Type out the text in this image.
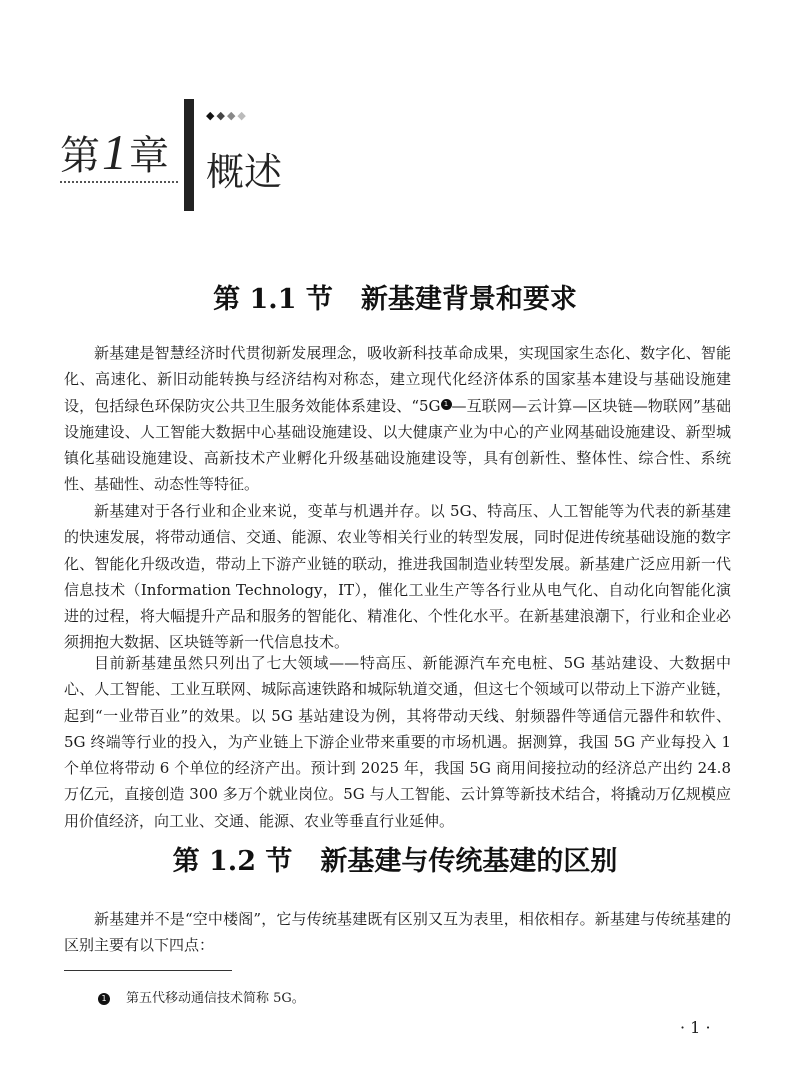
第1章
◆◆◆◆
概述
第 1.1 节 新基建背景和要求

新基建是智慧经济时代贯彻新发展理念，吸收新科技革命成果，实现国家生态化、数字化、智能化、高速化、新旧动能转换与经济结构对称态，建立现代化经济体系的国家基本建设与基础设施建设，包括绿色环保防灾公共卫生服务效能体系建设、“5G 1 —互联网—云计算—区块链—物联网”基础设施建设、人工智能大数据中心基础设施建设、以大健康产业为中心的产业网基础设施建设、新型城镇化基础设施建设、高新技术产业孵化升级基础设施建设等，具有创新性、整体性、综合性、系统性、基础性、动态性等特征。

新基建对于各行业和企业来说，变革与机遇并存。以 5G、特高压、人工智能等为代表的新基建的快速发展，将带动通信、交通、能源、农业等相关行业的转型发展，同时促进传统基础设施的数字化、智能化升级改造，带动上下游产业链的联动，推进我国制造业转型发展。新基建广泛应用新一代信息技术（Information Technology，IT），催化工业生产等各行业从电气化、自动化向智能化演进的过程，将大幅提升产品和服务的智能化、精准化、个性化水平。在新基建浪潮下，行业和企业必须拥抱大数据、区块链等新一代信息技术。

目前新基建虽然只列出了七大领域——特高压、新能源汽车充电桩、5G 基站建设、大数据中心、人工智能、工业互联网、城际高速铁路和城际轨道交通，但这七个领域可以带动上下游产业链，起到“一业带百业”的效果。以 5G 基站建设为例，其将带动天线、射频器件等通信元器件和软件、5G 终端等行业的投入，为产业链上下游企业带来重要的市场机遇。据测算，我国 5G 产业每投入 1 个单位将带动 6 个单位的经济产出。预计到 2025 年，我国 5G 商用间接拉动的经济总产出约 24.8 万亿元，直接创造 300 多万个就业岗位。5G 与人工智能、云计算等新技术结合，将撬动万亿规模应用价值经济，向工业、交通、能源、农业等垂直行业延伸。

第 1.2 节 新基建与传统基建的区别

新基建并不是“空中楼阁”，它与传统基建既有区别又互为表里，相依相存。新基建与传统基建的区别主要有以下四点：

1 第五代移动通信技术简称 5G。
· 1 ·
